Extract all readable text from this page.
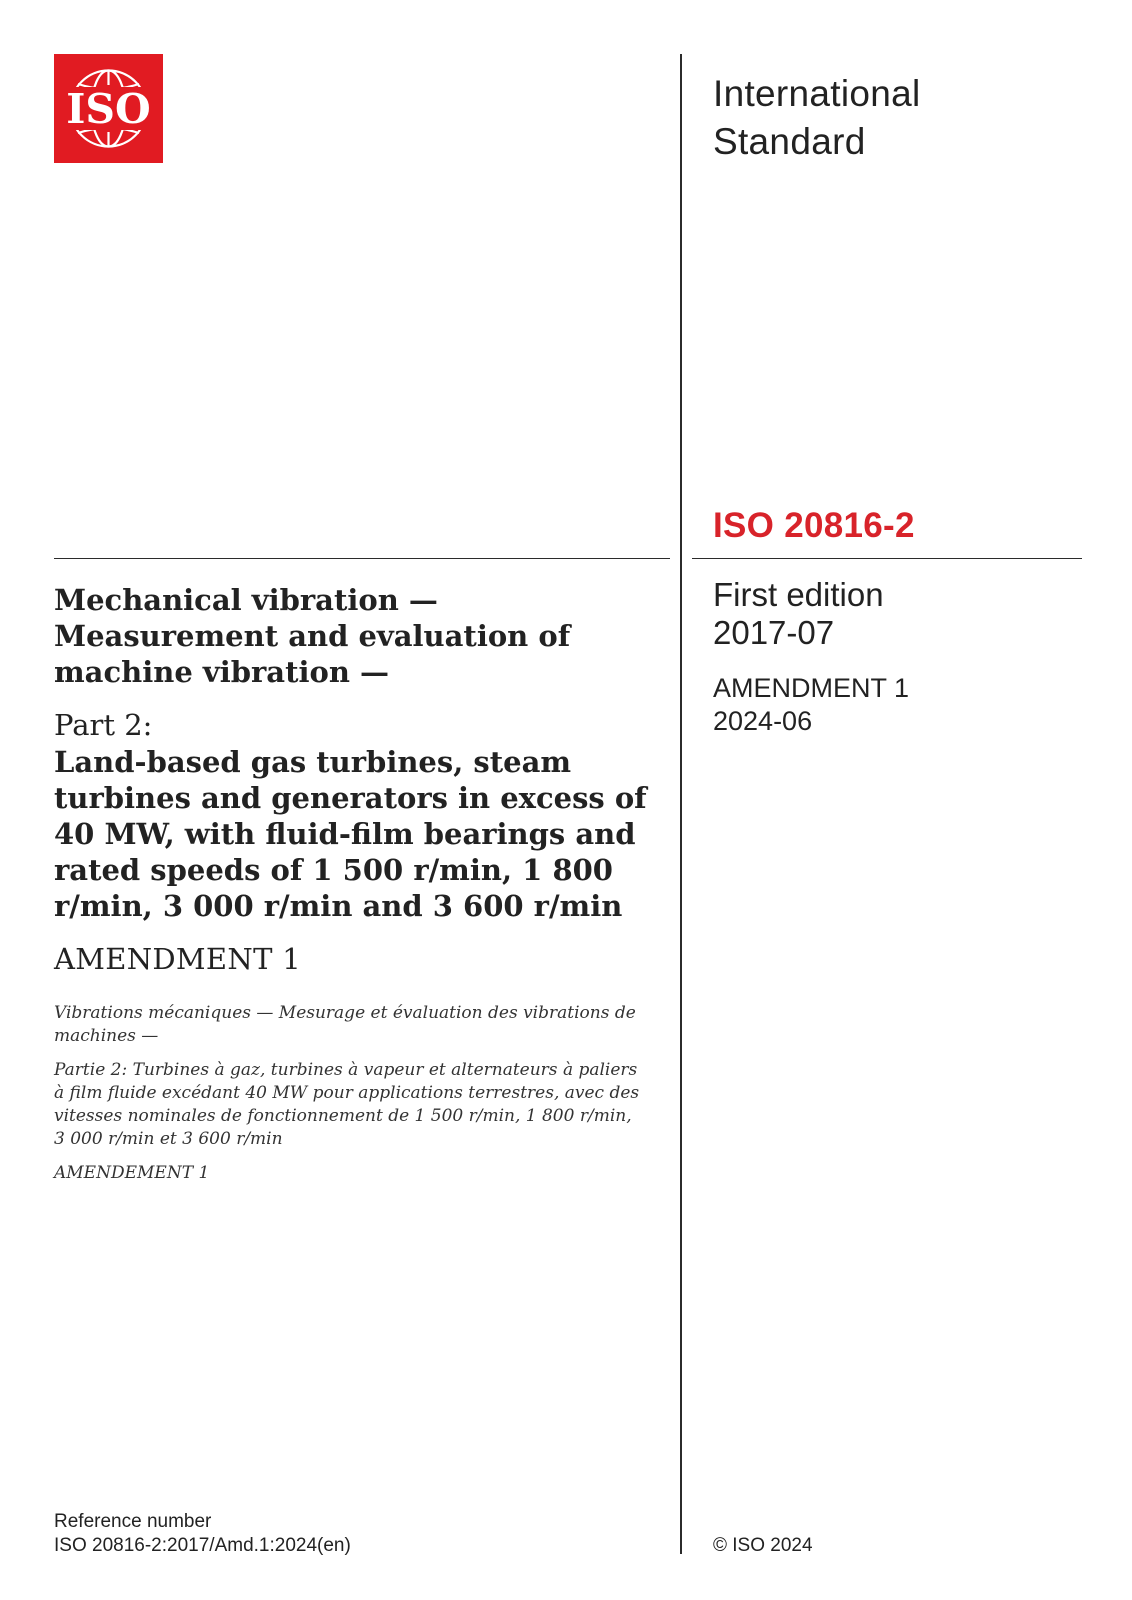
ISO	International
Standard
ISO 20816-2
First edition
2017-07
AMENDMENT 1
2024-06
© ISO 2024
Mechanical vibration —
Measurement and evaluation of
machine vibration —
Part 2:
Land-based gas turbines, steam
turbines and generators in excess of
40 MW, with fluid-film bearings and
rated speeds of 1 500 r/min, 1 800
r/min, 3 000 r/min and 3 600 r/min
AMENDMENT 1
Vibrations mécaniques — Mesurage et évaluation des vibrations de
machines —
Partie 2: Turbines à gaz, turbines à vapeur et alternateurs à paliers
à film fluide excédant 40 MW pour applications terrestres, avec des
vitesses nominales de fonctionnement de 1 500 r/min, 1 800 r/min,
3 000 r/min et 3 600 r/min
AMENDEMENT 1
Reference number
ISO 20816-2:2017/Amd.1:2024(en)
